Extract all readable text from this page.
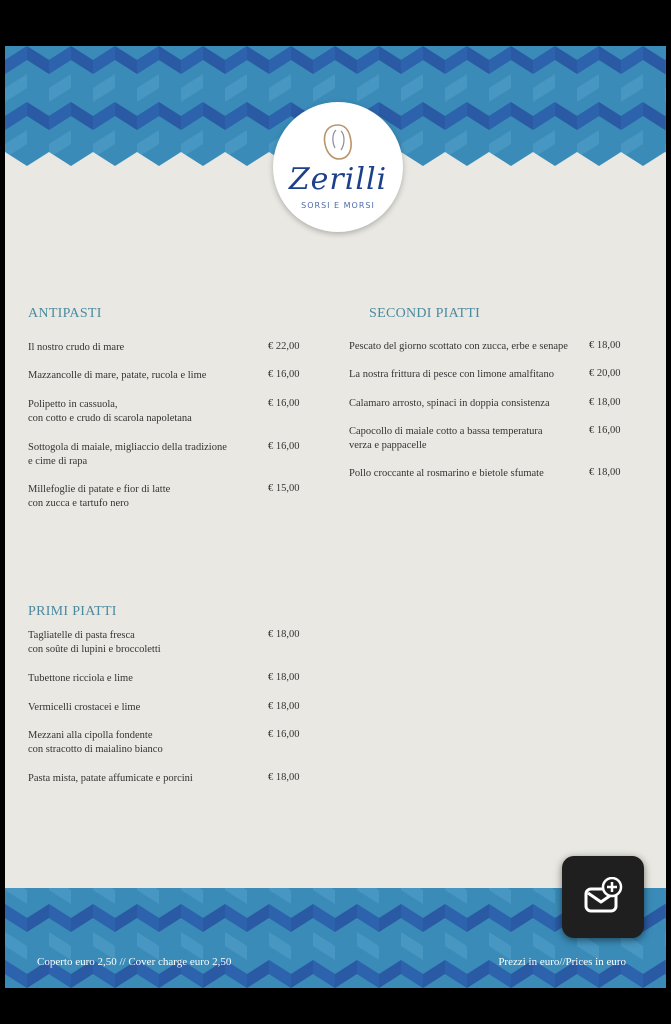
Zerilli
SORSI E MORSI
ANTIPASTI
Il nostro crudo di mare	€ 22,00
Mazzancolle di mare, patate, rucola e lime	€ 16,00
Polipetto in cassuola,
con cotto e crudo di scarola napoletana
€ 16,00
Sottogola di maiale, migliaccio della tradizione
e cime di rapa
€ 16,00
Millefoglie di patate e fior di latte
con zucca e tartufo nero
€ 15,00
SECONDI PIATTI
Pescato del giorno scottato con zucca, erbe e senape	€ 18,00
La nostra frittura di pesce con limone amalfitano	€ 20,00
Calamaro arrosto, spinaci in doppia consistenza	€ 18,00
Capocollo di maiale cotto a bassa temperatura
verza e pappacelle
€ 16,00
Pollo croccante al rosmarino e bietole sfumate	€ 18,00
PRIMI PIATTI
Tagliatelle di pasta fresca
con soûte di lupini e broccoletti
€ 18,00
Tubettone ricciola e lime	€ 18,00
Vermicelli crostacei e lime	€ 18,00
Mezzani alla cipolla fondente
con stracotto di maialino bianco
€ 16,00
Pasta mista, patate affumicate e porcini	€ 18,00
Coperto euro 2,50 // Cover charge euro 2,50	Prezzi in euro//Prices in euro
